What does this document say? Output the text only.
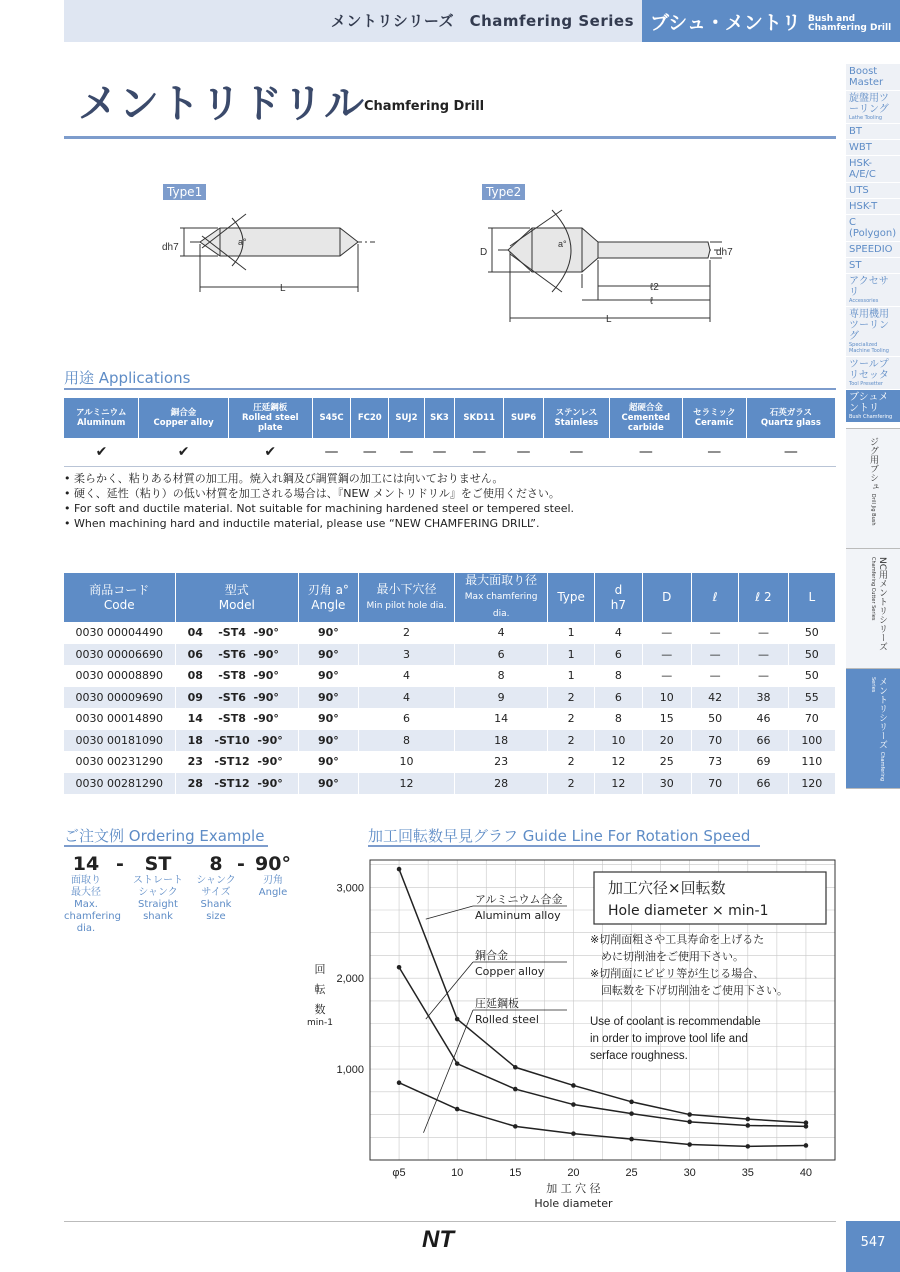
メントリシリーズ　Chamfering Series ブシュ・メントリ Bush and
Chamfering Drill
メントリドリル Chamfering Drill
Boost Master
旋盤用ツーリング
Lathe Tooling
BT
WBT
HSK-A/E/C
UTS
HSK-T
C (Polygon)
SPEEDIO
ST
アクセサリ
Accessories
専用機用ツーリング
Specialized Machine Tooling
ツールプリセッタ
Tool Presetter
ブシュメントリ
Bush Chamfering
ジグ用ブシュ Drill Jig Bush
NC用メントリシリーズ Chamfering Cutter Series
メントリシリーズ Chamfering Series
Type1	Type2
dh7	a°
L
D	dh7
a°
ℓ2
ℓ
L
用途 Applications
アルミニウム
Aluminum	銅合金
Copper alloy	圧延鋼板
Rolled steel
plate	S45C	FC20	SUJ2	SK3	SKD11	SUP6	ステンレス
Stainless	超硬合金
Cemented
carbide	セラミック
Ceramic	石英ガラス
Quartz glass
✔	✔	✔	—	—	—	—	—	—	—	—	—	—
• 柔らかく、粘りある材質の加工用。焼入れ鋼及び調質鋼の加工には向いておりません。
• 硬く、延性（粘り）の低い材質を加工される場合は、『NEW メントリドリル』をご使用ください。
• For soft and ductile material. Not suitable for machining hardened steel or tempered steel.
• When machining hard and inductile material, please use “NEW CHAMFERING DRILL”.
商品コード
Code	型式
Model	刃角 a°
Angle	最小下穴径
Min pilot hole dia.	最大面取り径
Max chamfering dia.	Type	d
h7	D	ℓ	ℓ 2	L
0030 00004490	04    -ST4  -90°	90°	2	4	1	4	—	—	—	50
0030 00006690	06    -ST6  -90°	90°	3	6	1	6	—	—	—	50
0030 00008890	08    -ST8  -90°	90°	4	8	1	8	—	—	—	50
0030 00009690	09    -ST6  -90°	90°	4	9	2	6	10	42	38	55
0030 00014890	14    -ST8  -90°	90°	6	14	2	8	15	50	46	70
0030 00181090	18   -ST10  -90°	90°	8	18	2	10	20	70	66	100
0030 00231290	23   -ST12  -90°	90°	10	23	2	12	25	73	69	110
0030 00281290	28   -ST12  -90°	90°	12	28	2	12	30	70	66	120
ご注文例 Ordering Example
14
面取り
最大径
Max.
chamfering
dia.
-	ST
ストレート
シャンク
Straight
shank
8
シャンク
サイズ
Shank
size
- 90°
刃角
Angle
加工回転数早見グラフ Guide Line For Rotation Speed
1,000
2,000
3,000
φ5	10	15	20	25	30	35	40
回
転
数
min-1
加 工 穴 径
Hole diameter
アルミニウム合金
Aluminum alloy
銅合金
Copper alloy
圧延鋼板
Rolled steel
加工穴径×回転数
Hole diameter × min-1
※切削面粗さや工具寿命を上げるた
　めに切削油をご使用下さい。
※切削面にビビリ等が生じる場合、
　回転数を下げ切削油をご使用下さい。
Use of coolant is recommendable
in order to improve tool life and
serface roughness.
NT	547
